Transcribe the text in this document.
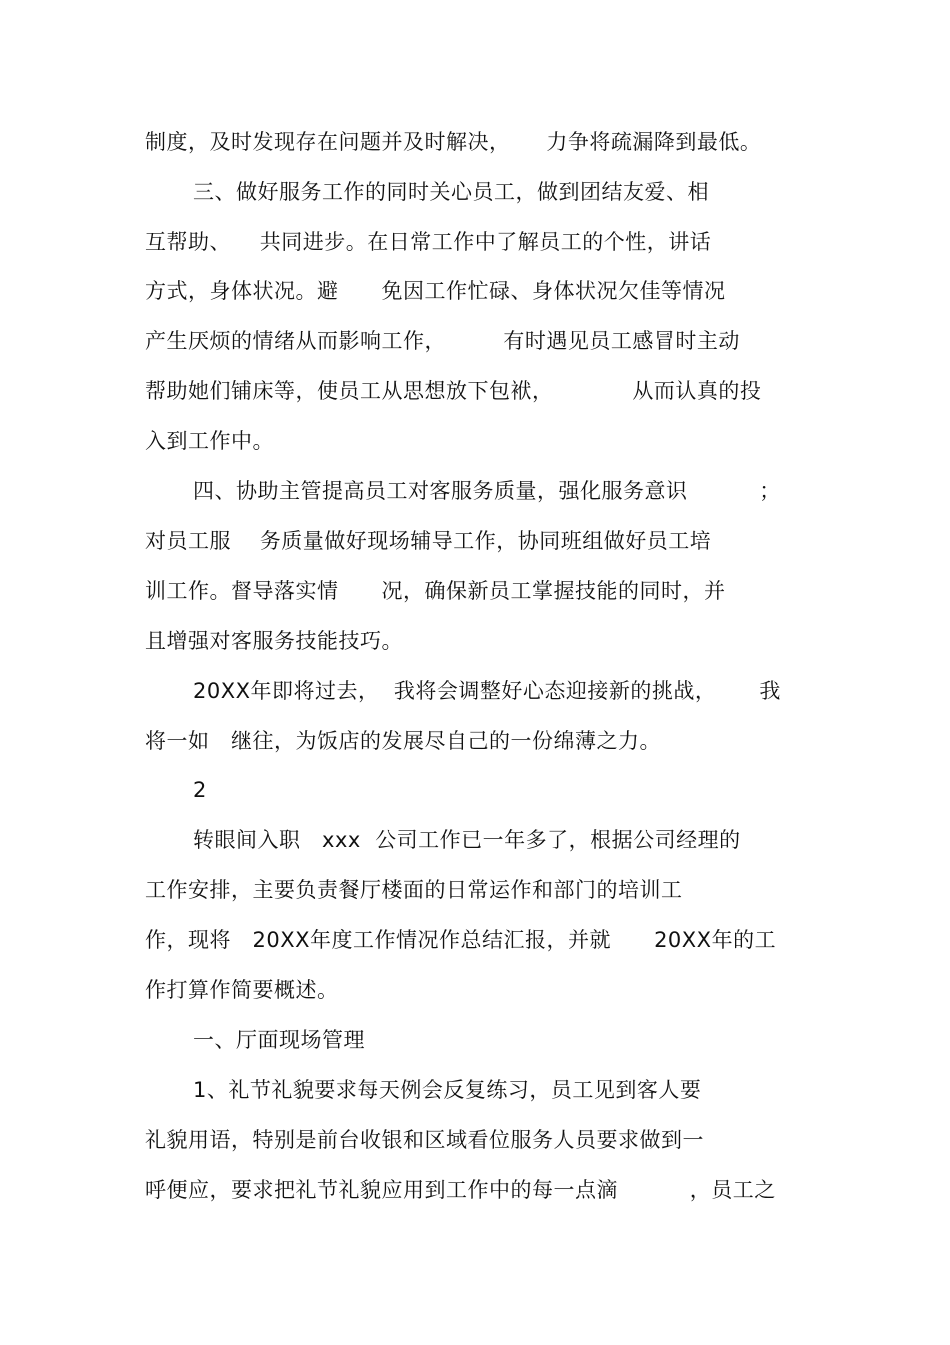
制度，及时发现存在问题并及时解决，     力争将疏漏降到最低。
三、做好服务工作的同时关心员工，做到团结友爱、相
互帮助、    共同进步。在日常工作中了解员工的个性，讲话
方式，身体状况。避      免因工作忙碌、身体状况欠佳等情况
产生厌烦的情绪从而影响工作，        有时遇见员工感冒时主动
帮助她们铺床等，使员工从思想放下包袱，           从而认真的投
入到工作中。
四、协助主管提高员工对客服务质量，强化服务意识          ；
对员工服    务质量做好现场辅导工作，协同班组做好员工培
训工作。督导落实情      况，确保新员工掌握技能的同时，并
且增强对客服务技能技巧。
20XX年即将过去，  我将会调整好心态迎接新的挑战，      我
将一如   继往，为饭店的发展尽自己的一份绵薄之力。
2
转眼间入职   xxx  公司工作已一年多了，根据公司经理的
工作安排，主要负责餐厅楼面的日常运作和部门的培训工
作，现将   20XX年度工作情况作总结汇报，并就      20XX年的工
作打算作简要概述。
一、厅面现场管理
1、礼节礼貌要求每天例会反复练习，员工见到客人要
礼貌用语，特别是前台收银和区域看位服务人员要求做到一
呼便应，要求把礼节礼貌应用到工作中的每一点滴          ，员工之
